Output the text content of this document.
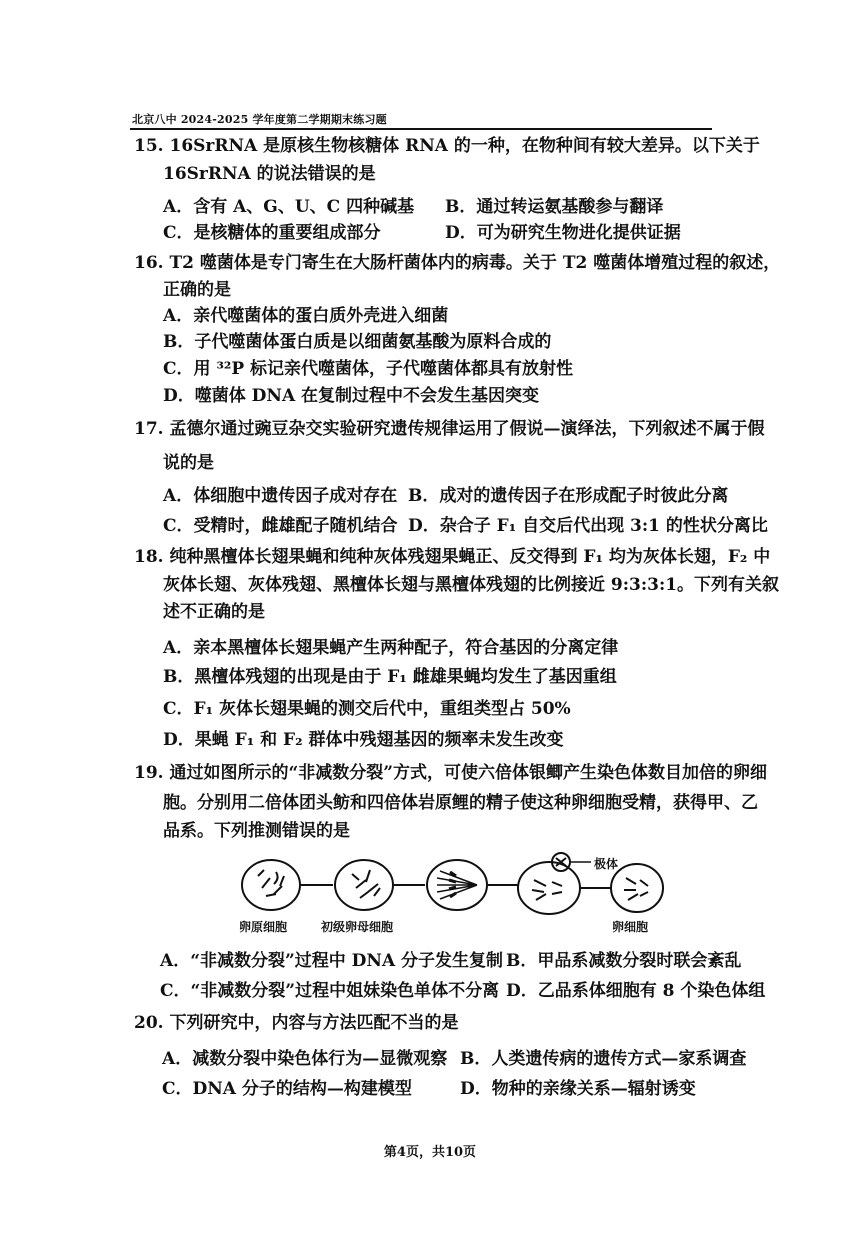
北京八中 2024-2025 学年度第二学期期末练习题
15. 16SrRNA 是原核生物核糖体 RNA 的一种，在物种间有较大差异。以下关于
16SrRNA 的说法错误的是
A．含有 A、G、U、C 四种碱基 B．通过转运氨基酸参与翻译
C．是核糖体的重要组成部分	D．可为研究生物进化提供证据
16. T2 噬菌体是专门寄生在大肠杆菌体内的病毒。关于 T2 噬菌体增殖过程的叙述，
正确的是
A．亲代噬菌体的蛋白质外壳进入细菌
B．子代噬菌体蛋白质是以细菌氨基酸为原料合成的
C．用 ³²P 标记亲代噬菌体，子代噬菌体都具有放射性
D．噬菌体 DNA 在复制过程中不会发生基因突变
17. 孟德尔通过豌豆杂交实验研究遗传规律运用了假说—演绎法，下列叙述不属于假
说的是
A．体细胞中遗传因子成对存在 B．成对的遗传因子在形成配子时彼此分离
C．受精时，雌雄配子随机结合 D．杂合子 F₁ 自交后代出现 3:1 的性状分离比
18. 纯种黑檀体长翅果蝇和纯种灰体残翅果蝇正、反交得到 F₁ 均为灰体长翅，F₂ 中
灰体长翅、灰体残翅、黑檀体长翅与黑檀体残翅的比例接近 9:3:3:1。下列有关叙
述不正确的是
A．亲本黑檀体长翅果蝇产生两种配子，符合基因的分离定律
B．黑檀体残翅的出现是由于 F₁ 雌雄果蝇均发生了基因重组
C．F₁ 灰体长翅果蝇的测交后代中，重组类型占 50%
D．果蝇 F₁ 和 F₂ 群体中残翅基因的频率未发生改变
19. 通过如图所示的“非减数分裂”方式，可使六倍体银鲫产生染色体数目加倍的卵细
胞。分别用二倍体团头鲂和四倍体岩原鲤的精子使这种卵细胞受精，获得甲、乙
品系。下列推测错误的是
卵原细胞	初级卵母细胞
极体
卵细胞
A．“非减数分裂”过程中 DNA 分子发生复制 B．甲品系减数分裂时联会紊乱
C．“非减数分裂”过程中姐妹染色单体不分离 D．乙品系体细胞有 8 个染色体组
20. 下列研究中，内容与方法匹配不当的是
A．减数分裂中染色体行为—显微观察 B．人类遗传病的遗传方式—家系调查
C．DNA 分子的结构—构建模型	D．物种的亲缘关系—辐射诱变
第4页，共10页
